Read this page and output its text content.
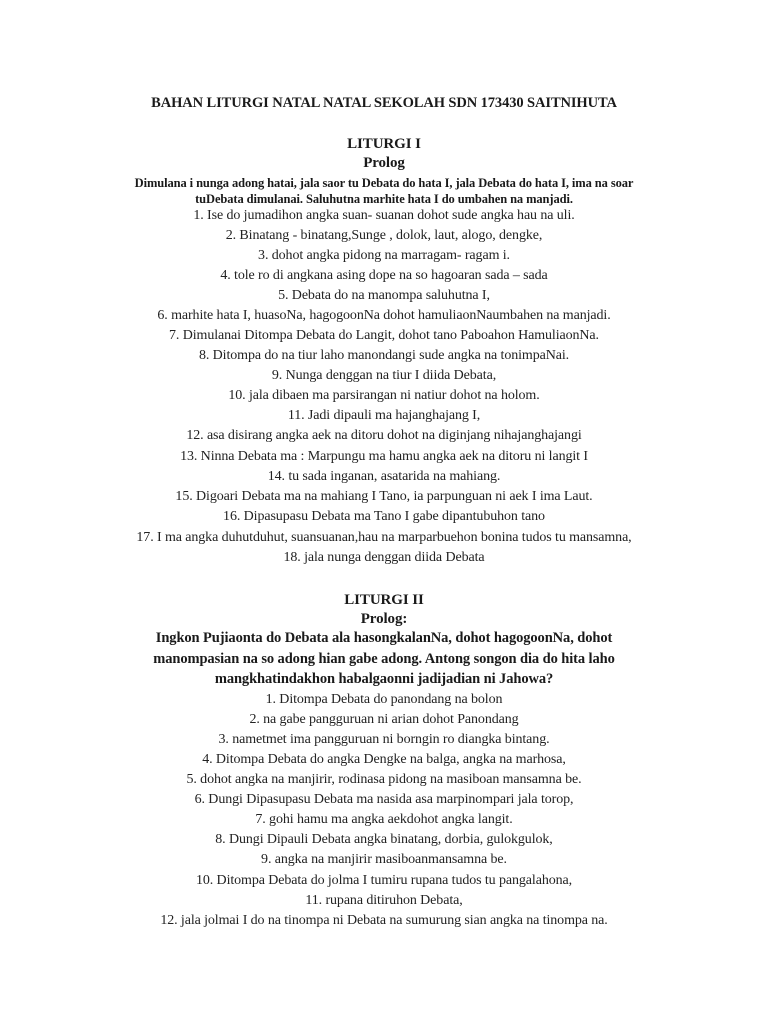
BAHAN LITURGI NATAL NATAL SEKOLAH SDN 173430 SAITNIHUTA
LITURGI I
Prolog
Dimulana i nunga adong hatai, jala saor tu Debata do hata I, jala Debata do hata I, ima na soar
tuDebata dimulanai. Saluhutna marhite hata I do umbahen na manjadi.
1. Ise do jumadihon angka suan- suanan dohot sude angka hau na uli.
2. Binatang - binatang,Sunge , dolok, laut, alogo, dengke,
3. dohot angka pidong na marragam- ragam i.
4. tole ro di angkana asing dope na so hagoaran sada – sada
5. Debata do na manompa saluhutna I,
6. marhite hata I, huasoNa, hagogoonNa dohot hamuliaonNaumbahen na manjadi.
7. Dimulanai Ditompa Debata do Langit, dohot tano Paboahon HamuliaonNa.
8. Ditompa do na tiur laho manondangi sude angka na tonimpaNai.
9. Nunga denggan na tiur I diida Debata,
10. jala dibaen ma parsirangan ni natiur dohot na holom.
11. Jadi dipauli ma hajanghajang I,
12. asa disirang angka aek na ditoru dohot na diginjang nihajanghajangi
13. Ninna Debata ma : Marpungu ma hamu angka aek na ditoru ni langit I
14. tu sada inganan, asatarida na mahiang.
15. Digoari Debata ma na mahiang I Tano, ia parpunguan ni aek I ima Laut.
16. Dipasupasu Debata ma Tano I gabe dipantubuhon tano
17. I ma angka duhutduhut, suansuanan,hau na marparbuehon bonina tudos tu mansamna,
18. jala nunga denggan diida Debata
LITURGI II
Prolog:
Ingkon Pujiaonta do Debata ala hasongkalanNa, dohot hagogoonNa, dohot
manompasian na so adong hian gabe adong. Antong songon dia do hita laho
mangkhatindakhon habalgaonni jadijadian ni Jahowa?
1. Ditompa Debata do panondang na bolon
2. na gabe pangguruan ni arian dohot Panondang
3. nametmet ima pangguruan ni borngin ro diangka bintang.
4. Ditompa Debata do angka Dengke na balga, angka na marhosa,
5. dohot angka na manjirir, rodinasa pidong na masiboan mansamna be.
6. Dungi Dipasupasu Debata ma nasida asa marpinompari jala torop,
7. gohi hamu ma angka aekdohot angka langit.
8. Dungi Dipauli Debata angka binatang, dorbia, gulokgulok,
9. angka na manjirir masiboanmansamna be.
10. Ditompa Debata do jolma I tumiru rupana tudos tu pangalahona,
11. rupana ditiruhon Debata,
12. jala jolmai I do na tinompa ni Debata na sumurung sian angka na tinompa na.
